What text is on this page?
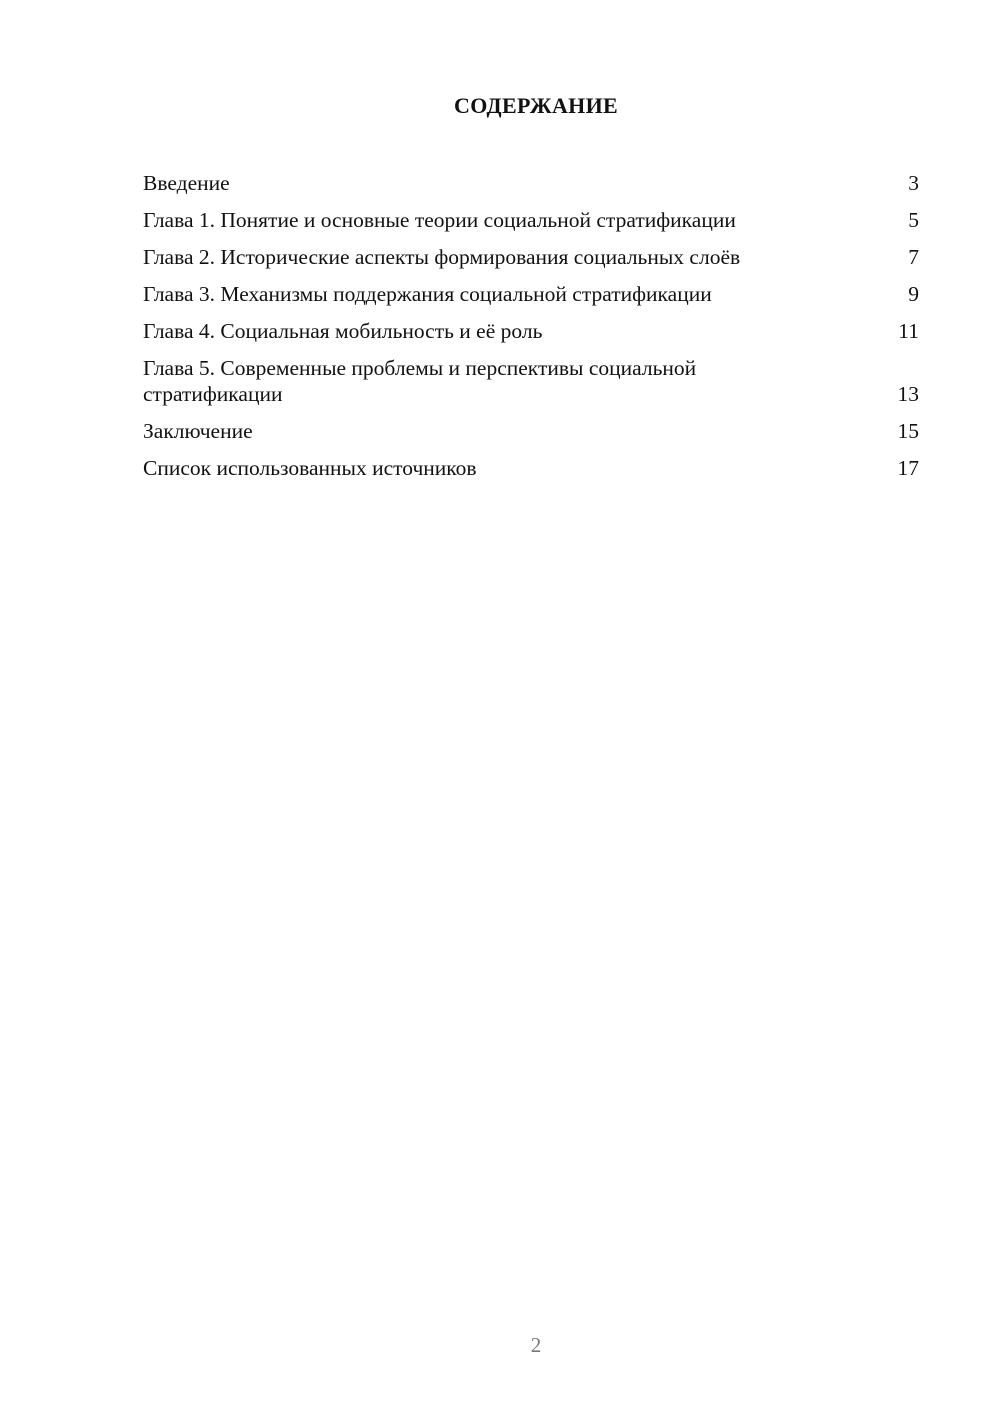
СОДЕРЖАНИЕ
Введение	3
Глава 1. Понятие и основные теории социальной стратификации	5
Глава 2. Исторические аспекты формирования социальных слоёв	7
Глава 3. Механизмы поддержания социальной стратификации	9
Глава 4. Социальная мобильность и её роль	11
Глава 5. Современные проблемы и перспективы социальной стратификации	13
Заключение	15
Список использованных источников	17
2
